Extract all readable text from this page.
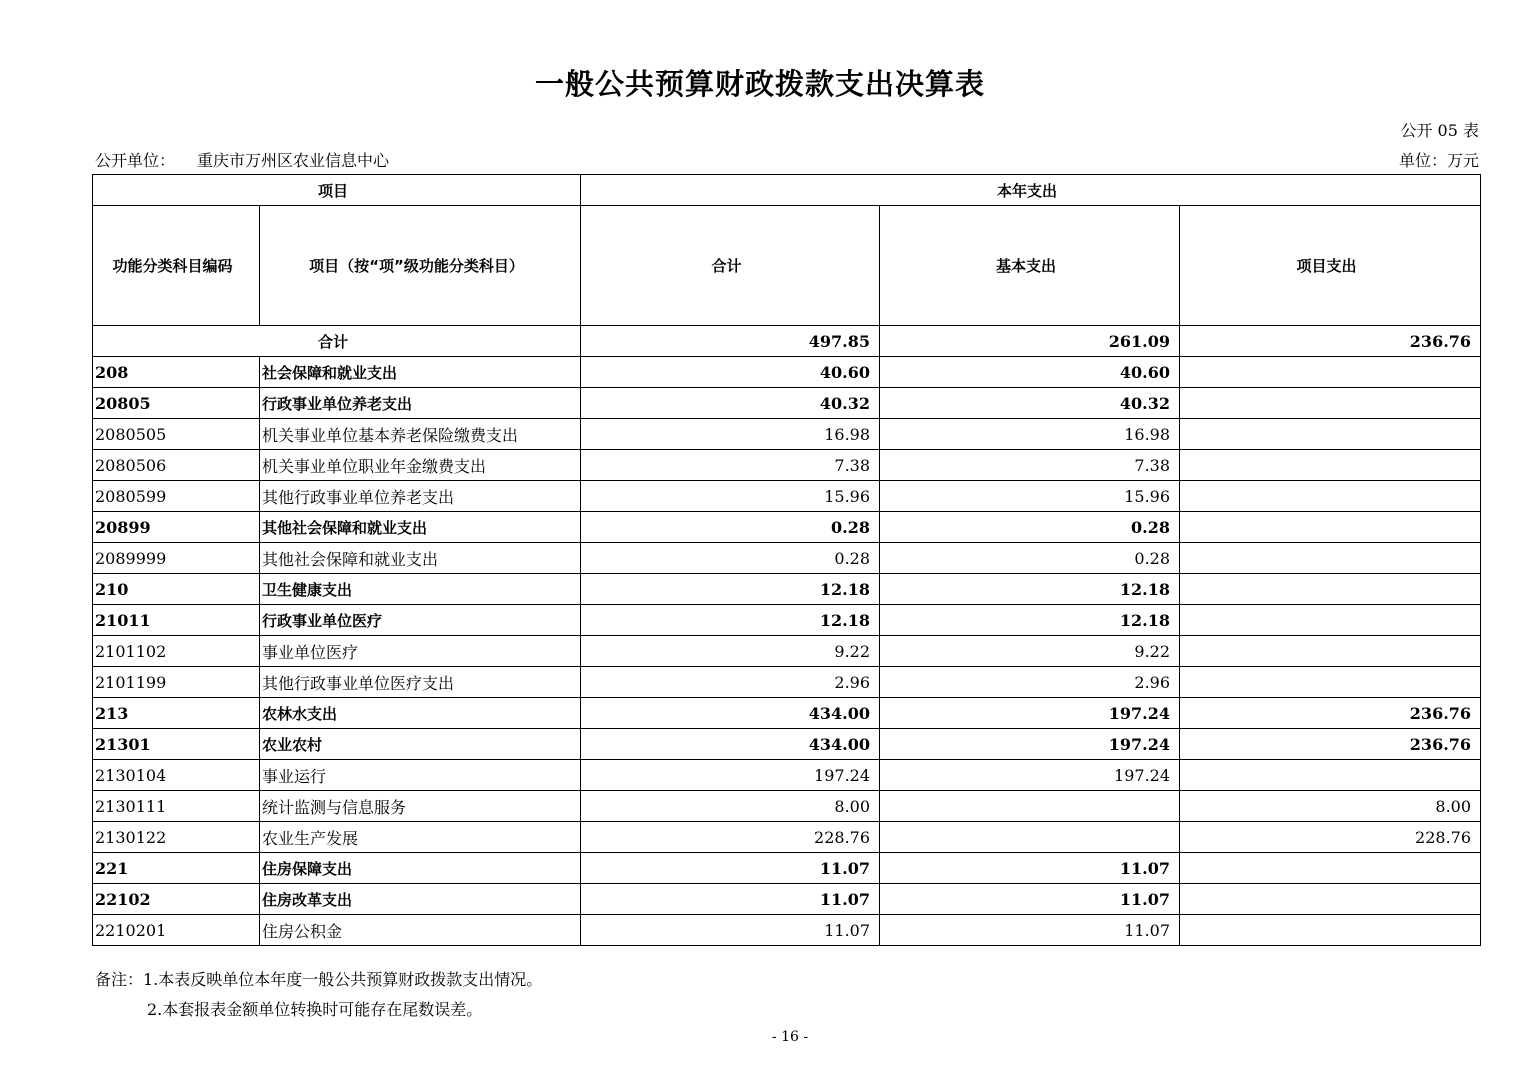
一般公共预算财政拨款支出决算表
公开 05 表
公开单位： 重庆市万州区农业信息中心	单位：万元
项目		本年支出		
功能分类科目编码	项目（按“项”级功能分类科目）	合计	基本支出	项目支出
合计		497.85	261.09	236.76
208	社会保障和就业支出	40.60	40.60	
20805	行政事业单位养老支出	40.32	40.32	
2080505	机关事业单位基本养老保险缴费支出	16.98	16.98	
2080506	机关事业单位职业年金缴费支出	7.38	7.38	
2080599	其他行政事业单位养老支出	15.96	15.96	
20899	其他社会保障和就业支出	0.28	0.28	
2089999	其他社会保障和就业支出	0.28	0.28	
210	卫生健康支出	12.18	12.18	
21011	行政事业单位医疗	12.18	12.18	
2101102	事业单位医疗	9.22	9.22	
2101199	其他行政事业单位医疗支出	2.96	2.96	
213	农林水支出	434.00	197.24	236.76
21301	农业农村	434.00	197.24	236.76
2130104	事业运行	197.24	197.24	
2130111	统计监测与信息服务	8.00		8.00
2130122	农业生产发展	228.76		228.76
221	住房保障支出	11.07	11.07	
22102	住房改革支出	11.07	11.07	
2210201	住房公积金	11.07	11.07	
备注：1.本表反映单位本年度一般公共预算财政拨款支出情况。
2.本套报表金额单位转换时可能存在尾数误差。
- 16 -
